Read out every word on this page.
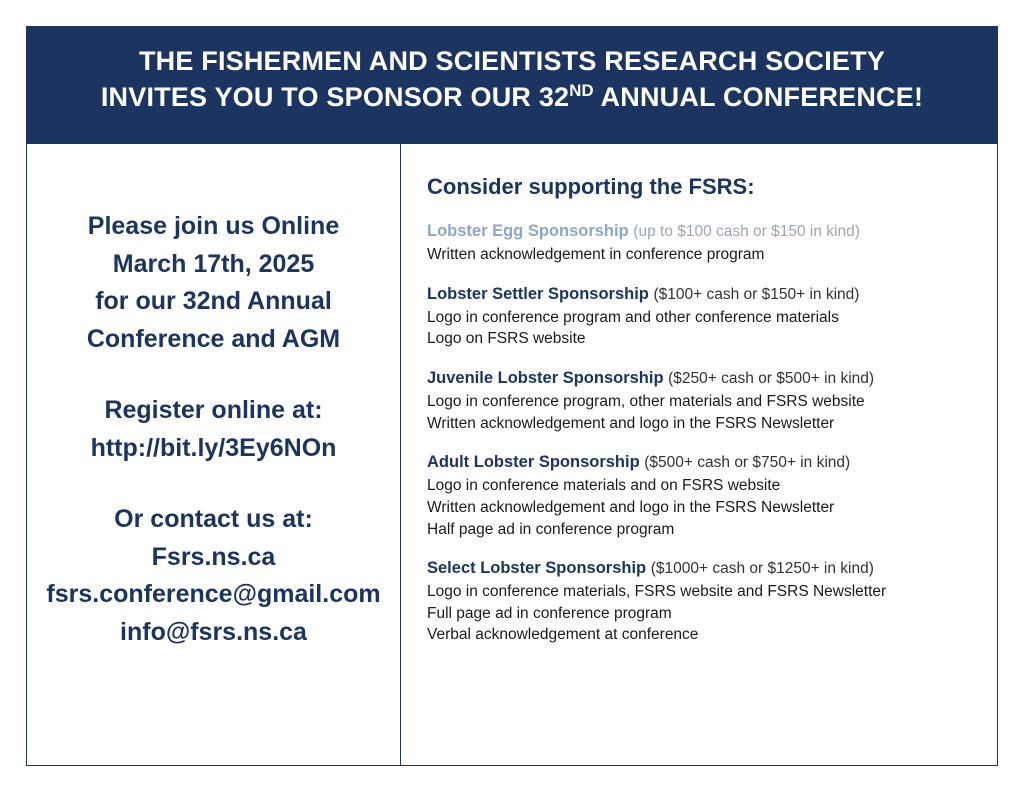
THE FISHERMEN AND SCIENTISTS RESEARCH SOCIETY
INVITES YOU TO SPONSOR OUR 32ND ANNUAL CONFERENCE!
Please join us Online
March 17th, 2025
for our 32nd Annual
Conference and AGM
Register online at:
http://bit.ly/3Ey6NOn
Or contact us at:
Fsrs.ns.ca
fsrs.conference@gmail.com
info@fsrs.ns.ca
Consider supporting the FSRS:
Lobster Egg Sponsorship (up to $100 cash or $150 in kind)
Written acknowledgement in conference program
Lobster Settler Sponsorship ($100+ cash or $150+ in kind)
Logo in conference program and other conference materials
Logo on FSRS website
Juvenile Lobster Sponsorship ($250+ cash or $500+ in kind)
Logo in conference program, other materials and FSRS website
Written acknowledgement and logo in the FSRS Newsletter
Adult Lobster Sponsorship ($500+ cash or $750+ in kind)
Logo in conference materials and on FSRS website
Written acknowledgement and logo in the FSRS Newsletter
Half page ad in conference program
Select Lobster Sponsorship ($1000+ cash or $1250+ in kind)
Logo in conference materials, FSRS website and FSRS Newsletter
Full page ad in conference program
Verbal acknowledgement at conference
